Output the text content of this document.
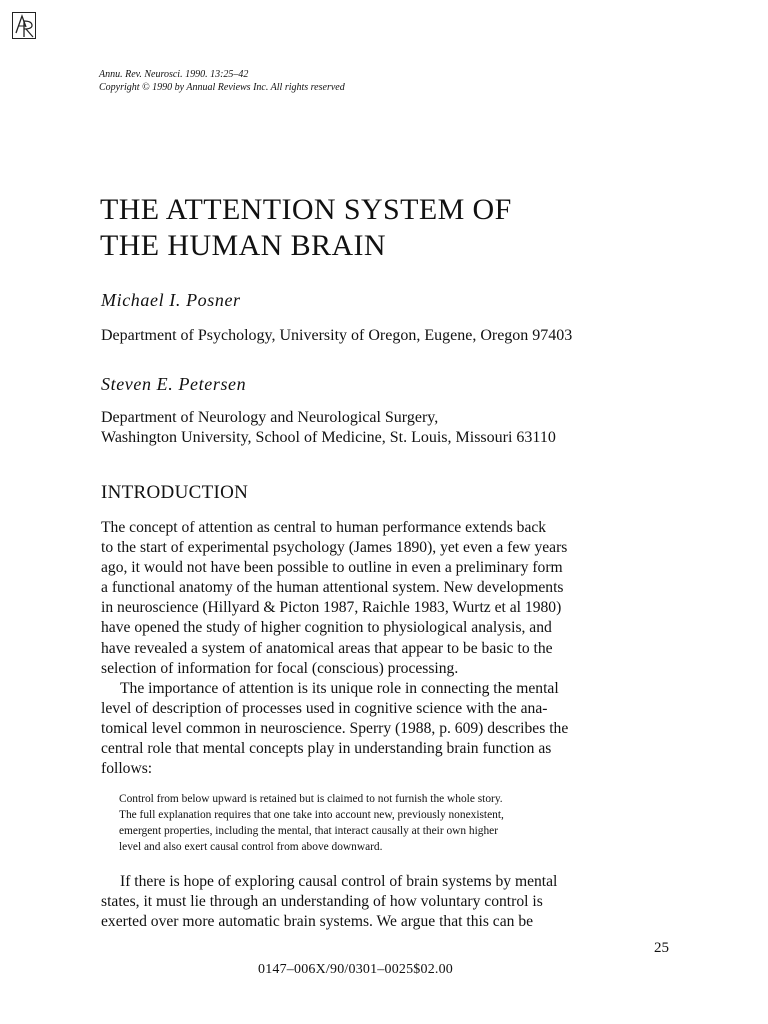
Annu. Rev. Neurosci. 1990. 13:25–42
Copyright © 1990 by Annual Reviews Inc. All rights reserved
THE ATTENTION SYSTEM OF
THE HUMAN BRAIN
Michael I. Posner
Department of Psychology, University of Oregon, Eugene, Oregon 97403
Steven E. Petersen
Department of Neurology and Neurological Surgery,
Washington University, School of Medicine, St. Louis, Missouri 63110
INTRODUCTION
The concept of attention as central to human performance extends back
to the start of experimental psychology (James 1890), yet even a few years
ago, it would not have been possible to outline in even a preliminary form
a functional anatomy of the human attentional system. New developments
in neuroscience (Hillyard & Picton 1987, Raichle 1983, Wurtz et al 1980)
have opened the study of higher cognition to physiological analysis, and
have revealed a system of anatomical areas that appear to be basic to the
selection of information for focal (conscious) processing.
The importance of attention is its unique role in connecting the mental
level of description of processes used in cognitive science with the ana-
tomical level common in neuroscience. Sperry (1988, p. 609) describes the
central role that mental concepts play in understanding brain function as
follows:
Control from below upward is retained but is claimed to not furnish the whole story.
The full explanation requires that one take into account new, previously nonexistent,
emergent properties, including the mental, that interact causally at their own higher
level and also exert causal control from above downward.
If there is hope of exploring causal control of brain systems by mental
states, it must lie through an understanding of how voluntary control is
exerted over more automatic brain systems. We argue that this can be
25
0147–006X/90/0301–0025$02.00
